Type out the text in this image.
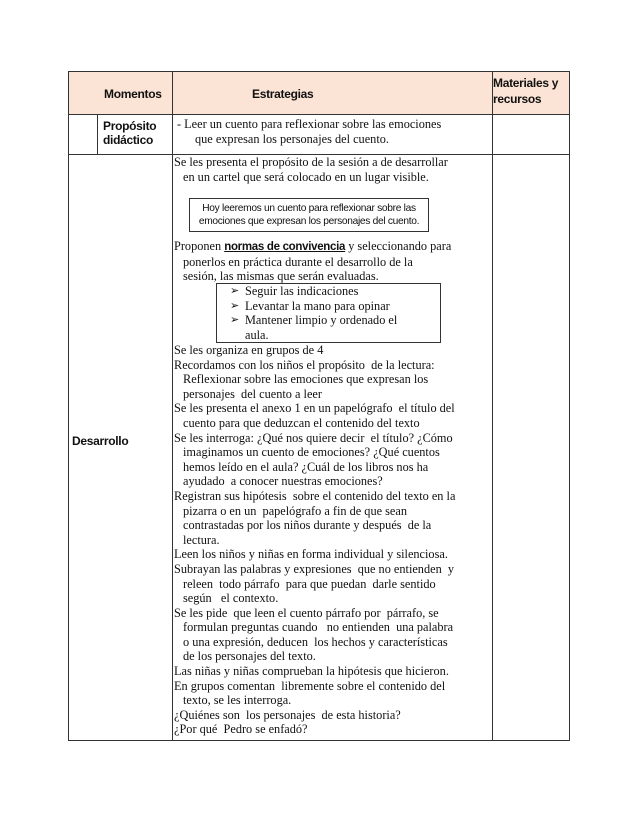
Momentos	Estrategias
Materiales y
recursos
Propósito
didáctico
- Leer un cuento para reflexionar sobre las emociones
que expresan los personajes del cuento.
Desarrollo

Se les presenta el propósito de la sesión a de desarrollar
en un cartel que será colocado en un lugar visible.

Proponen normas de convivencia y seleccionando para
ponerlos en práctica durante el desarrollo de la
sesión, las mismas que serán evaluadas.

Se les organiza en grupos de 4
Recordamos con los niños el propósito  de la lectura:
Reflexionar sobre las emociones que expresan los
personajes  del cuento a leer
Se les presenta el anexo 1 en un papelógrafo  el título del
cuento para que deduzcan el contenido del texto
Se les interroga: ¿Qué nos quiere decir  el título? ¿Cómo
imaginamos un cuento de emociones? ¿Qué cuentos
hemos leído en el aula? ¿Cuál de los libros nos ha
ayudado  a conocer nuestras emociones?
Registran sus hipótesis  sobre el contenido del texto en la
pizarra o en un  papelógrafo a fin de que sean
contrastadas por los niños durante y después  de la
lectura.
Leen los niños y niñas en forma individual y silenciosa.
Subrayan las palabras y expresiones  que no entienden  y
releen  todo párrafo  para que puedan  darle sentido
según   el contexto.
Se les pide  que leen el cuento párrafo por  párrafo, se
formulan preguntas cuando   no entienden  una palabra
o una expresión, deducen  los hechos y características
de los personajes del texto.
Las niñas y niñas comprueban la hipótesis que hicieron.
En grupos comentan  libremente sobre el contenido del
texto, se les interroga.
¿Quiénes son  los personajes  de esta historia?
¿Por qué  Pedro se enfadó?
Hoy leeremos un cuento para reflexionar sobre las
emociones que expresan los personajes del cuento.

➢ Seguir las indicaciones

➢ Levantar la mano para opinar

➢ Mantener limpio y ordenado el

aula.
